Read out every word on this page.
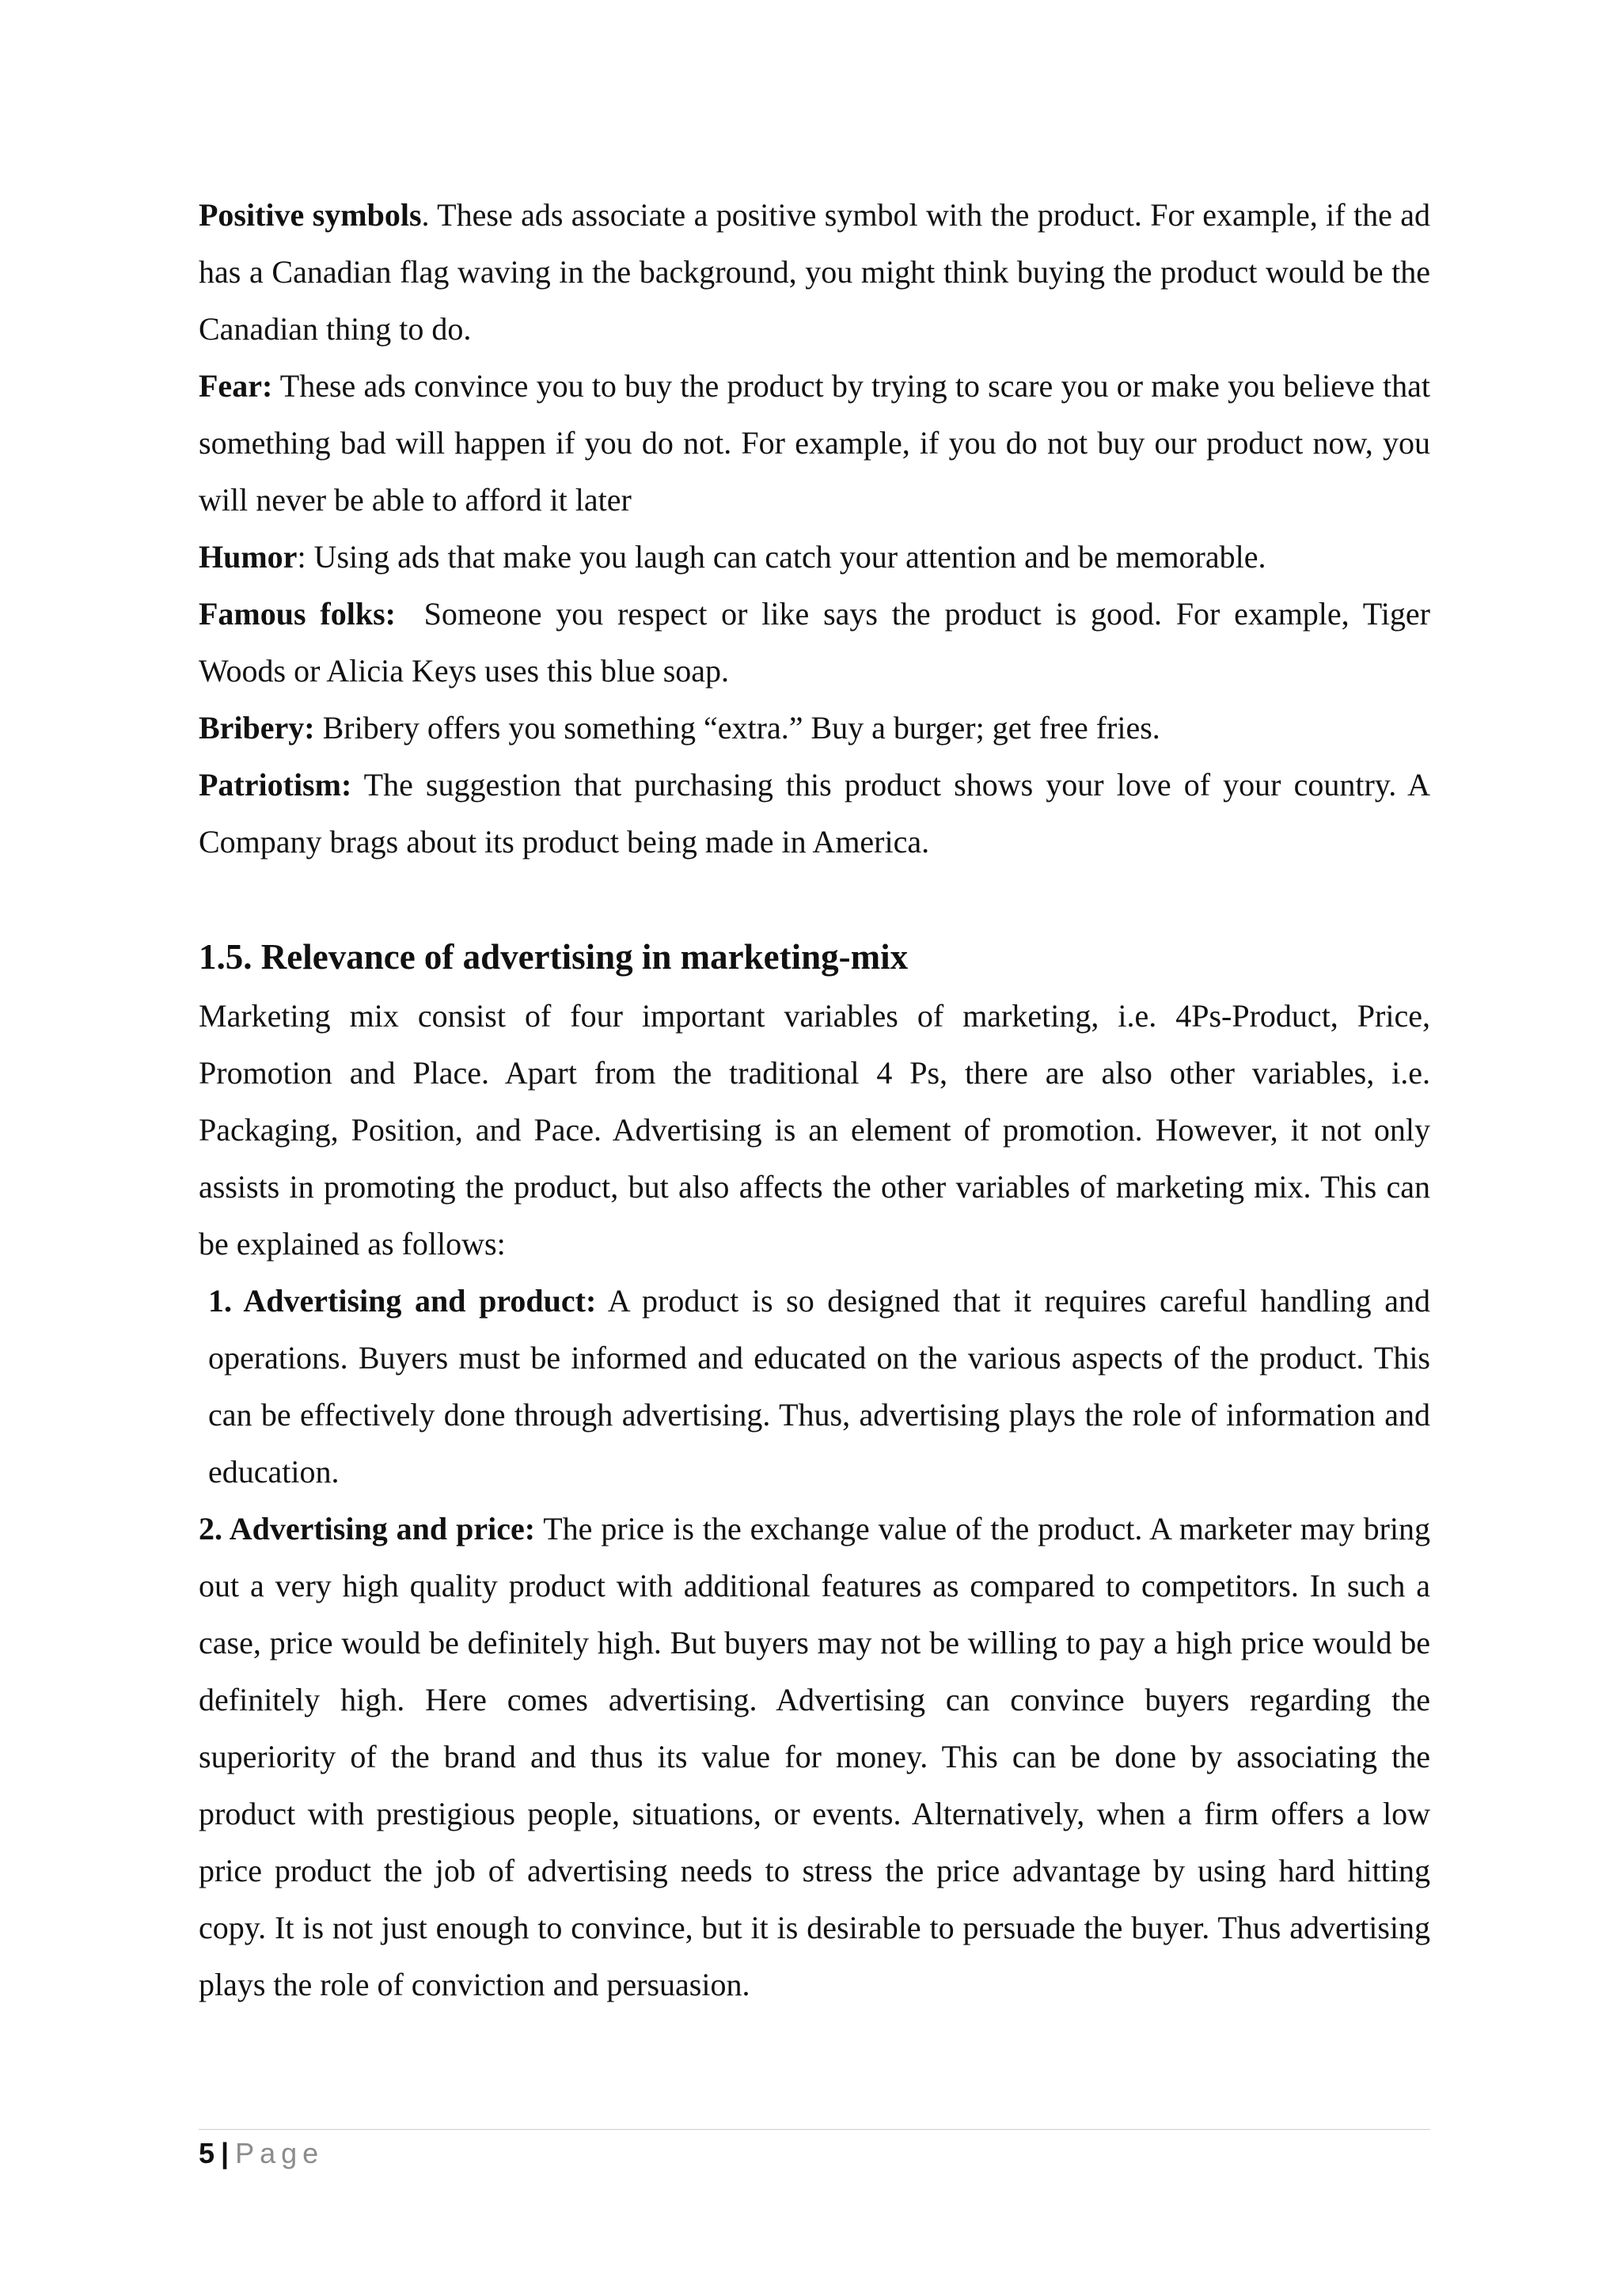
Positive symbols. These ads associate a positive symbol with the product. For example, if the ad has a Canadian flag waving in the background, you might think buying the product would be the Canadian thing to do.

Fear: These ads convince you to buy the product by trying to scare you or make you believe that something bad will happen if you do not. For example, if you do not buy our product now, you will never be able to afford it later

Humor: Using ads that make you laugh can catch your attention and be memorable.

Famous folks:  Someone you respect or like says the product is good. For example, Tiger Woods or Alicia Keys uses this blue soap.

Bribery: Bribery offers you something “extra.” Buy a burger; get free fries.

Patriotism: The suggestion that purchasing this product shows your love of your country. A Company brags about its product being made in America.

1.5. Relevance of advertising in marketing-mix

Marketing mix consist of four important variables of marketing, i.e. 4Ps-Product, Price, Promotion and Place. Apart from the traditional 4 Ps, there are also other variables, i.e. Packaging, Position, and Pace. Advertising is an element of promotion. However, it not only assists in promoting the product, but also affects the other variables of marketing mix. This can be explained as follows:

1. Advertising and product: A product is so designed that it requires careful handling and operations. Buyers must be informed and educated on the various aspects of the product. This can be effectively done through advertising. Thus, advertising plays the role of information and education.

2. Advertising and price: The price is the exchange value of the product. A marketer may bring out a very high quality product with additional features as compared to competitors. In such a case, price would be definitely high. But buyers may not be willing to pay a high price would be definitely high. Here comes advertising. Advertising can convince buyers regarding the superiority of the brand and thus its value for money. This can be done by associating the product with prestigious people, situations, or events. Alternatively, when a firm offers a low price product the job of advertising needs to stress the price advantage by using hard hitting copy. It is not just enough to convince, but it is desirable to persuade the buyer. Thus advertising plays the role of conviction and persuasion.

5 | Page
